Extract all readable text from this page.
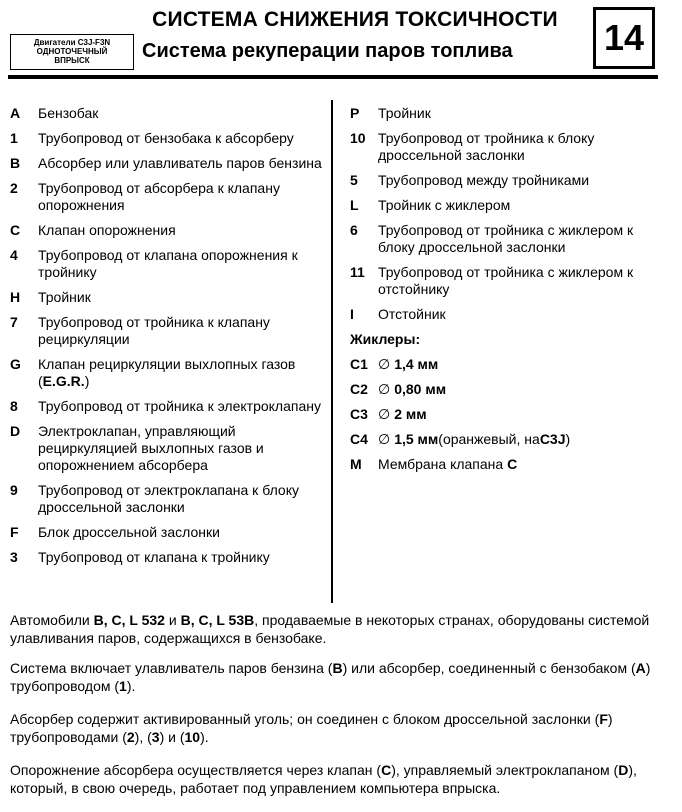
Двигатели C3J-F3N
ОДНОТОЧЕЧНЫЙ
ВПРЫСК
СИСТЕМА СНИЖЕНИЯ ТОКСИЧНОСТИ
Система рекуперации паров топлива	14
A	Бензобак
1	Трубопровод от бензобака к абсорберу
B	Абсорбер или улавливатель паров бензина
2	Трубопровод от абсорбера к клапану опорожнения
C	Клапан опорожнения
4	Трубопровод от клапана опорожнения к тройнику
H	Тройник
7	Трубопровод от тройника к клапану рециркуляции
G	Клапан рециркуляции выхлопных газов (E.G.R.)
8	Трубопровод от тройника к электроклапану
D	Электроклапан, управляющий рециркуляцией выхлопных газов и опорожнением абсорбера
9	Трубопровод от электроклапана к блоку дроссельной заслонки
F	Блок дроссельной заслонки
3	Трубопровод от клапана к тройнику
P	Тройник
10 Трубопровод от тройника к блоку дроссельной заслонки
5	Трубопровод между тройниками
L	Тройник с жиклером
6	Трубопровод от тройника с жиклером к блоку дроссельной заслонки
11 Трубопровод от тройника с жиклером к отстойнику
I	Отстойник
Жиклеры:
C1 ∅ 1,4 мм
C2 ∅ 0,80 мм
C3 ∅ 2 мм
C4 ∅ 1,5 мм (оранжевый, на C3J )
M	Мембрана клапана C
Автомобили B, C, L 532 и B, C, L 53B, продаваемые в некоторых странах, оборудованы системой улавливания паров, содержащихся в бензобаке.
Система включает улавливатель паров бензина (B) или абсорбер, соединенный с бензобаком (A) трубопроводом (1).
Абсорбер содержит активированный уголь; он соединен с блоком дроссельной заслонки (F) трубопроводами (2), (3) и (10).
Опорожнение абсорбера осуществляется через клапан (C), управляемый электроклапаном (D), который, в свою очередь, работает под управлением компьютера впрыска.
